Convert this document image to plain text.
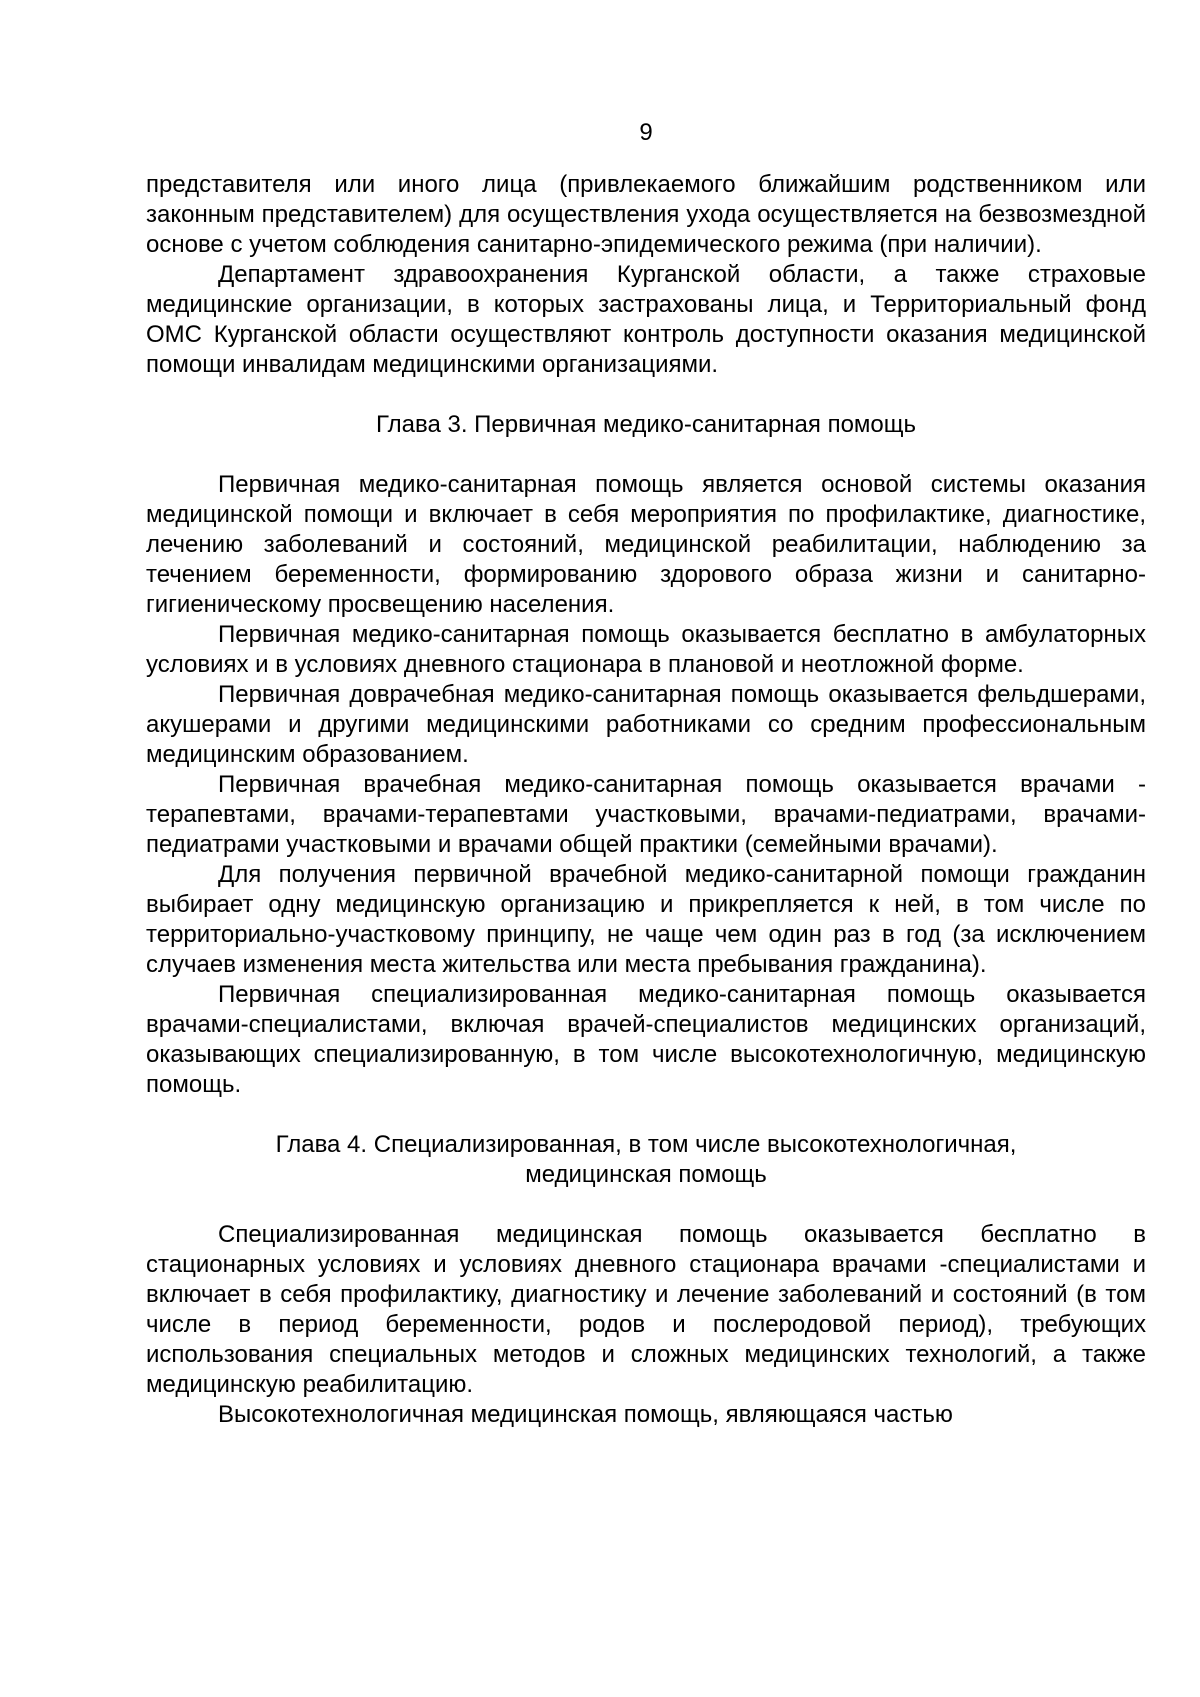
9

представителя или иного лица (привлекаемого ближайшим родственником или законным представителем) для осуществления ухода осуществляется на безвозмездной основе с учетом соблюдения санитарно-эпидемического режима (при наличии).

Департамент здравоохранения Курганской области, а также страховые медицинские организации, в которых застрахованы лица, и Территориальный фонд ОМС Курганской области осуществляют контроль доступности оказания медицинской помощи инвалидам медицинскими организациями.

Глава 3. Первичная медико-санитарная помощь

Первичная медико-санитарная помощь является основой системы оказания медицинской помощи и включает в себя мероприятия по профилактике, диагностике, лечению заболеваний и состояний, медицинской реабилитации, наблюдению за течением беременности, формированию здорового образа жизни и санитарно-гигиеническому просвещению населения.

Первичная медико-санитарная помощь оказывается бесплатно в амбулаторных условиях и в условиях дневного стационара в плановой и неотложной форме.

Первичная доврачебная медико-санитарная помощь оказывается фельдшерами, акушерами и другими медицинскими работниками со средним профессиональным медицинским образованием.

Первичная врачебная медико-санитарная помощь оказывается врачами - терапевтами, врачами-терапевтами участковыми, врачами-педиатрами, врачами-педиатрами участковыми и врачами общей практики (семейными врачами).

Для получения первичной врачебной медико-санитарной помощи гражданин выбирает одну медицинскую организацию и прикрепляется к ней, в том числе по территориально-участковому принципу, не чаще чем один раз в год (за исключением случаев изменения места жительства или места пребывания гражданина).

Первичная специализированная медико-санитарная помощь оказывается врачами-специалистами, включая врачей-специалистов медицинских организаций, оказывающих специализированную, в том числе высокотехнологичную, медицинскую помощь.

Глава 4. Специализированная, в том числе высокотехнологичная,
медицинская помощь

Специализированная медицинская помощь оказывается бесплатно в стационарных условиях и условиях дневного стационара врачами -специалистами и включает в себя профилактику, диагностику и лечение заболеваний и состояний (в том числе в период беременности, родов и послеродовой период), требующих использования специальных методов и сложных медицинских технологий, а также медицинскую реабилитацию.

Высокотехнологичная медицинская помощь, являющаяся частью
